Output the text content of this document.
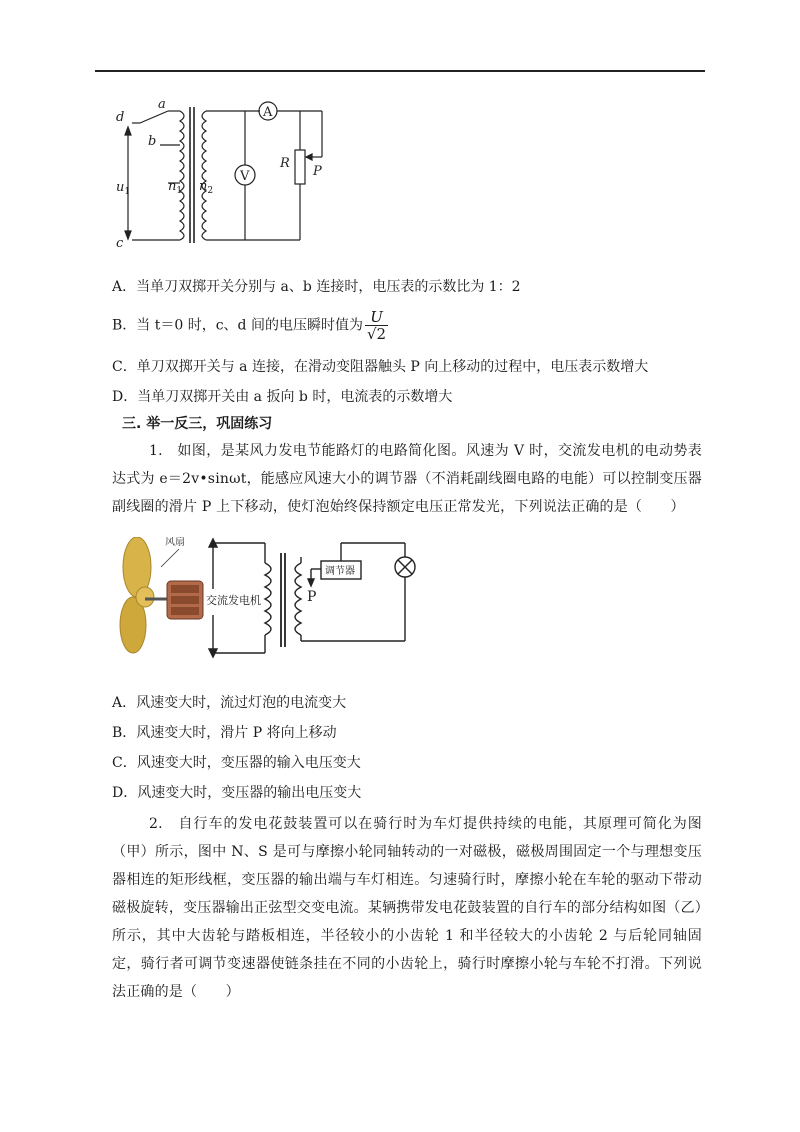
d
a
b
$u_1$
c
$n_1$ $n_2$
A
V
R
P
A．当单刀双掷开关分别与 a、b 连接时，电压表的示数比为 1：2
B．当 t＝0 时，c、d 间的电压瞬时值为 $\frac{U}{√2}$
C．单刀双掷开关与 a 连接，在滑动变阻器触头 P 向上移动的过程中，电压表示数增大
D．当单刀双掷开关由 a 扳向 b 时，电流表的示数增大
三. 举一反三，巩固练习
1.　如图，是某风力发电节能路灯的电路简化图。风速为 V 时，交流发电机的电动势表达式为 e＝2v•sinωt，能感应风速大小的调节器（不消耗副线圈电路的电能）可以控制变压器副线圈的滑片 P 上下移动，使灯泡始终保持额定电压正常发光，下列说法正确的是（　　）
风扇
交流发电机
调节器
P
A．风速变大时，流过灯泡的电流变大
B．风速变大时，滑片 P 将向上移动
C．风速变大时，变压器的输入电压变大
D．风速变大时，变压器的输出电压变大
2.　自行车的发电花鼓装置可以在骑行时为车灯提供持续的电能，其原理可简化为图（甲）所示，图中 N、S 是可与摩擦小轮同轴转动的一对磁极，磁极周围固定一个与理想变压器相连的矩形线框，变压器的输出端与车灯相连。匀速骑行时，摩擦小轮在车轮的驱动下带动磁极旋转，变压器输出正弦型交变电流。某辆携带发电花鼓装置的自行车的部分结构如图（乙）所示，其中大齿轮与踏板相连，半径较小的小齿轮 1 和半径较大的小齿轮 2 与后轮同轴固定，骑行者可调节变速器使链条挂在不同的小齿轮上，骑行时摩擦小轮与车轮不打滑。下列说法正确的是（　　）
